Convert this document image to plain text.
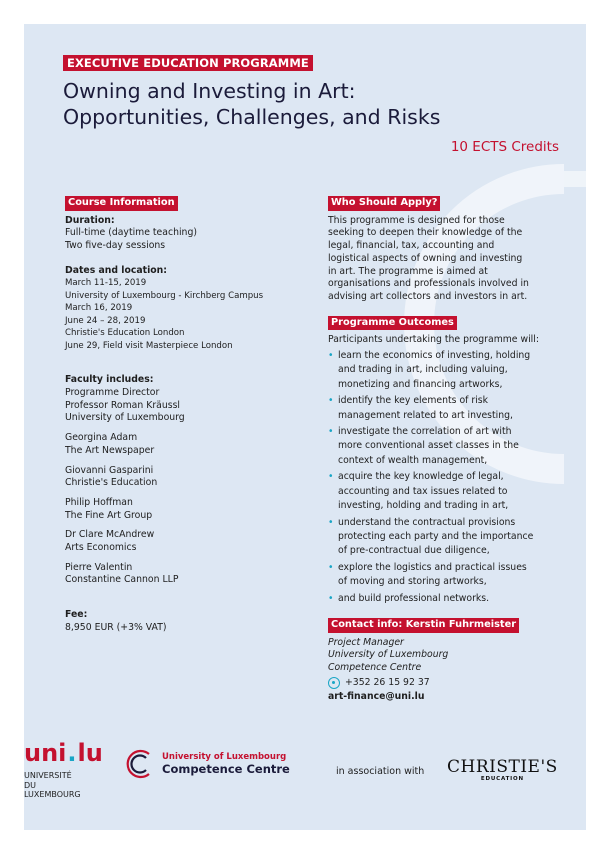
EXECUTIVE EDUCATION PROGRAMME
Owning and Investing in Art:
Opportunities, Challenges, and Risks
10 ECTS Credits
Course Information
Duration:
Full-time (daytime teaching)
Two five-day sessions
Dates and location:
March 11-15, 2019
University of Luxembourg - Kirchberg Campus
March 16, 2019
June 24 – 28, 2019
Christie's Education London
June 29, Field visit Masterpiece London
Faculty includes:
Programme Director
Professor Roman Kräussl
University of Luxembourg
Georgina Adam
The Art Newspaper
Giovanni Gasparini
Christie's Education
Philip Hoffman
The Fine Art Group
Dr Clare McAndrew
Arts Economics
Pierre Valentin
Constantine Cannon LLP
Fee:
8,950 EUR (+3% VAT)
Who Should Apply?
This programme is designed for those
seeking to deepen their knowledge of the
legal, financial, tax, accounting and
logistical aspects of owning and investing
in art. The programme is aimed at
organisations and professionals involved in
advising art collectors and investors in art.
Programme Outcomes
Participants undertaking the programme will:
• learn the economics of investing, holding
and trading in art, including valuing,
monetizing and financing artworks,
• identify the key elements of risk
management related to art investing,
• investigate the correlation of art with
more conventional asset classes in the
context of wealth management,
• acquire the key knowledge of legal,
accounting and tax issues related to
investing, holding and trading in art,
• understand the contractual provisions
protecting each party and the importance
of pre-contractual due diligence,
• explore the logistics and practical issues
of moving and storing artworks,
• and build professional networks.
Contact info: Kerstin Fuhrmeister
Project Manager
University of Luxembourg
Competence Centre
+352 26 15 92 37
art-finance@uni.lu
uni . lu
UNIVERSITÉ DU
LUXEMBOURG
University of Luxembourg
Competence Centre	in association with CHRISTIE'S
EDUCATION
